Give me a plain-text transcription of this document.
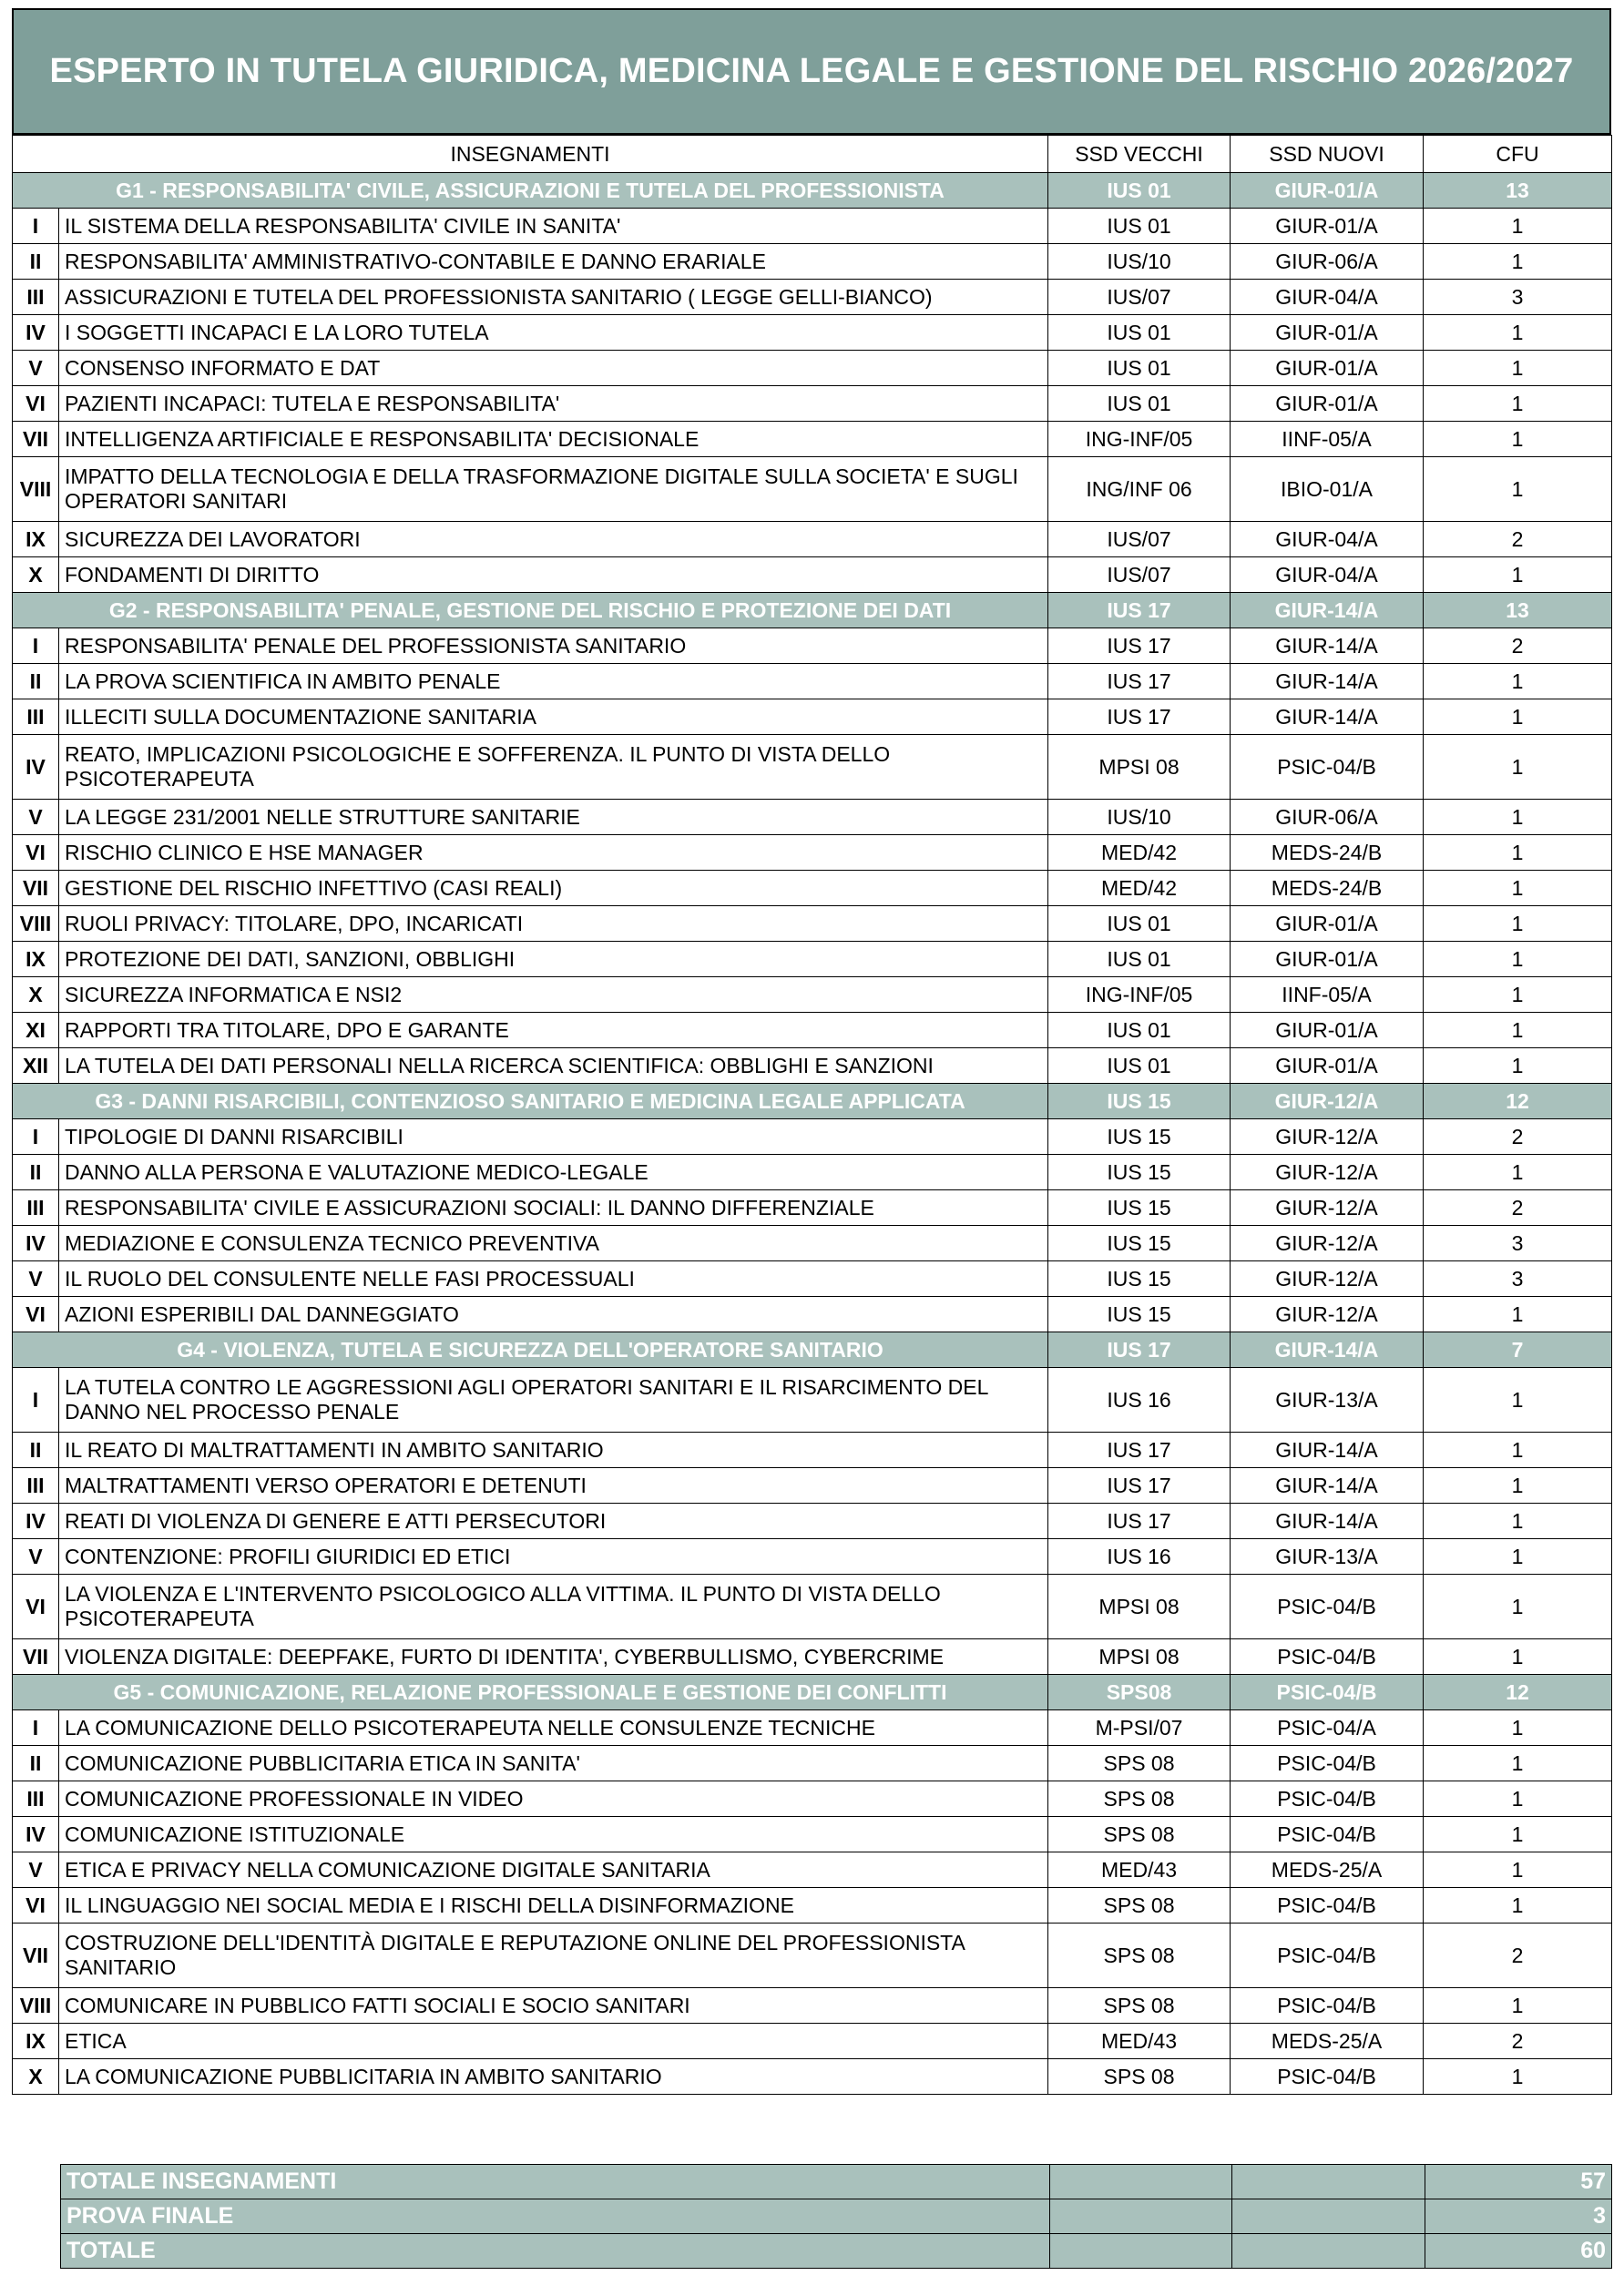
ESPERTO IN TUTELA GIURIDICA, MEDICINA LEGALE E GESTIONE DEL RISCHIO 2026/2027
INSEGNAMENTI		SSD VECCHI	SSD NUOVI	CFU
G1 - RESPONSABILITA' CIVILE, ASSICURAZIONI E TUTELA DEL PROFESSIONISTA		IUS 01	GIUR-01/A	13
I	IL SISTEMA DELLA RESPONSABILITA' CIVILE IN SANITA'	IUS 01	GIUR-01/A	1
II	RESPONSABILITA' AMMINISTRATIVO-CONTABILE E DANNO ERARIALE	IUS/10	GIUR-06/A	1
III	ASSICURAZIONI E TUTELA DEL PROFESSIONISTA SANITARIO ( LEGGE GELLI-BIANCO)	IUS/07	GIUR-04/A	3
IV	I SOGGETTI INCAPACI E LA LORO TUTELA	IUS 01	GIUR-01/A	1
V	CONSENSO INFORMATO E DAT	IUS 01	GIUR-01/A	1
VI	PAZIENTI INCAPACI: TUTELA E RESPONSABILITA'	IUS 01	GIUR-01/A	1
VII	INTELLIGENZA ARTIFICIALE E RESPONSABILITA' DECISIONALE	ING-INF/05	IINF-05/A	1
VIII	IMPATTO DELLA TECNOLOGIA E DELLA TRASFORMAZIONE DIGITALE SULLA SOCIETA' E SUGLI OPERATORI SANITARI	ING/INF 06	IBIO-01/A	1
IX	SICUREZZA DEI LAVORATORI	IUS/07	GIUR-04/A	2
X	FONDAMENTI DI DIRITTO	IUS/07	GIUR-04/A	1
G2 - RESPONSABILITA' PENALE, GESTIONE DEL RISCHIO E PROTEZIONE DEI DATI		IUS 17	GIUR-14/A	13
I	RESPONSABILITA' PENALE DEL PROFESSIONISTA SANITARIO	IUS 17	GIUR-14/A	2
II	LA PROVA SCIENTIFICA IN AMBITO PENALE	IUS 17	GIUR-14/A	1
III	ILLECITI SULLA DOCUMENTAZIONE SANITARIA	IUS 17	GIUR-14/A	1
IV	REATO, IMPLICAZIONI PSICOLOGICHE E SOFFERENZA. IL PUNTO DI VISTA DELLO PSICOTERAPEUTA	MPSI 08	PSIC-04/B	1
V	LA LEGGE 231/2001 NELLE STRUTTURE SANITARIE	IUS/10	GIUR-06/A	1
VI	RISCHIO CLINICO E HSE MANAGER	MED/42	MEDS-24/B	1
VII	GESTIONE DEL RISCHIO INFETTIVO (CASI REALI)	MED/42	MEDS-24/B	1
VIII	RUOLI PRIVACY: TITOLARE, DPO, INCARICATI	IUS 01	GIUR-01/A	1
IX	PROTEZIONE DEI DATI, SANZIONI, OBBLIGHI	IUS 01	GIUR-01/A	1
X	SICUREZZA INFORMATICA E NSI2	ING-INF/05	IINF-05/A	1
XI	RAPPORTI TRA TITOLARE, DPO E GARANTE	IUS 01	GIUR-01/A	1
XII	LA TUTELA DEI DATI PERSONALI NELLA RICERCA SCIENTIFICA: OBBLIGHI E SANZIONI	IUS 01	GIUR-01/A	1
G3 - DANNI RISARCIBILI, CONTENZIOSO SANITARIO E MEDICINA LEGALE APPLICATA		IUS 15	GIUR-12/A	12
I	TIPOLOGIE DI DANNI RISARCIBILI	IUS 15	GIUR-12/A	2
II	DANNO ALLA PERSONA E VALUTAZIONE MEDICO-LEGALE	IUS 15	GIUR-12/A	1
III	RESPONSABILITA' CIVILE E ASSICURAZIONI SOCIALI: IL DANNO DIFFERENZIALE	IUS 15	GIUR-12/A	2
IV	MEDIAZIONE E CONSULENZA TECNICO PREVENTIVA	IUS 15	GIUR-12/A	3
V	IL RUOLO DEL CONSULENTE NELLE FASI PROCESSUALI	IUS 15	GIUR-12/A	3
VI	AZIONI ESPERIBILI DAL DANNEGGIATO	IUS 15	GIUR-12/A	1
G4 - VIOLENZA, TUTELA E SICUREZZA DELL'OPERATORE SANITARIO		IUS 17	GIUR-14/A	7
I	LA TUTELA CONTRO LE AGGRESSIONI AGLI OPERATORI SANITARI E IL RISARCIMENTO DEL DANNO NEL PROCESSO PENALE	IUS 16	GIUR-13/A	1
II	IL REATO DI MALTRATTAMENTI IN AMBITO SANITARIO	IUS 17	GIUR-14/A	1
III	MALTRATTAMENTI VERSO OPERATORI E DETENUTI	IUS 17	GIUR-14/A	1
IV	REATI DI VIOLENZA DI GENERE E ATTI PERSECUTORI	IUS 17	GIUR-14/A	1
V	CONTENZIONE: PROFILI GIURIDICI ED ETICI	IUS 16	GIUR-13/A	1
VI	LA VIOLENZA E L'INTERVENTO PSICOLOGICO ALLA VITTIMA. IL PUNTO DI VISTA DELLO PSICOTERAPEUTA	MPSI 08	PSIC-04/B	1
VII	VIOLENZA DIGITALE: DEEPFAKE, FURTO DI IDENTITA', CYBERBULLISMO, CYBERCRIME	MPSI 08	PSIC-04/B	1
G5 - COMUNICAZIONE, RELAZIONE PROFESSIONALE E GESTIONE DEI CONFLITTI		SPS08	PSIC-04/B	12
I	LA COMUNICAZIONE DELLO PSICOTERAPEUTA NELLE CONSULENZE TECNICHE	M-PSI/07	PSIC-04/A	1
II	COMUNICAZIONE PUBBLICITARIA ETICA IN SANITA'	SPS 08	PSIC-04/B	1
III	COMUNICAZIONE PROFESSIONALE IN VIDEO	SPS 08	PSIC-04/B	1
IV	COMUNICAZIONE ISTITUZIONALE	SPS 08	PSIC-04/B	1
V	ETICA E PRIVACY NELLA COMUNICAZIONE DIGITALE SANITARIA	MED/43	MEDS-25/A	1
VI	IL LINGUAGGIO NEI SOCIAL MEDIA E I RISCHI DELLA DISINFORMAZIONE	SPS 08	PSIC-04/B	1
VII	COSTRUZIONE DELL'IDENTITÀ DIGITALE E REPUTAZIONE ONLINE DEL PROFESSIONISTA SANITARIO	SPS 08	PSIC-04/B	2
VIII	COMUNICARE IN PUBBLICO FATTI SOCIALI E SOCIO SANITARI	SPS 08	PSIC-04/B	1
IX	ETICA	MED/43	MEDS-25/A	2
X	LA COMUNICAZIONE PUBBLICITARIA IN AMBITO SANITARIO	SPS 08	PSIC-04/B	1
TOTALE INSEGNAMENTI			57
PROVA FINALE			3
TOTALE			60
